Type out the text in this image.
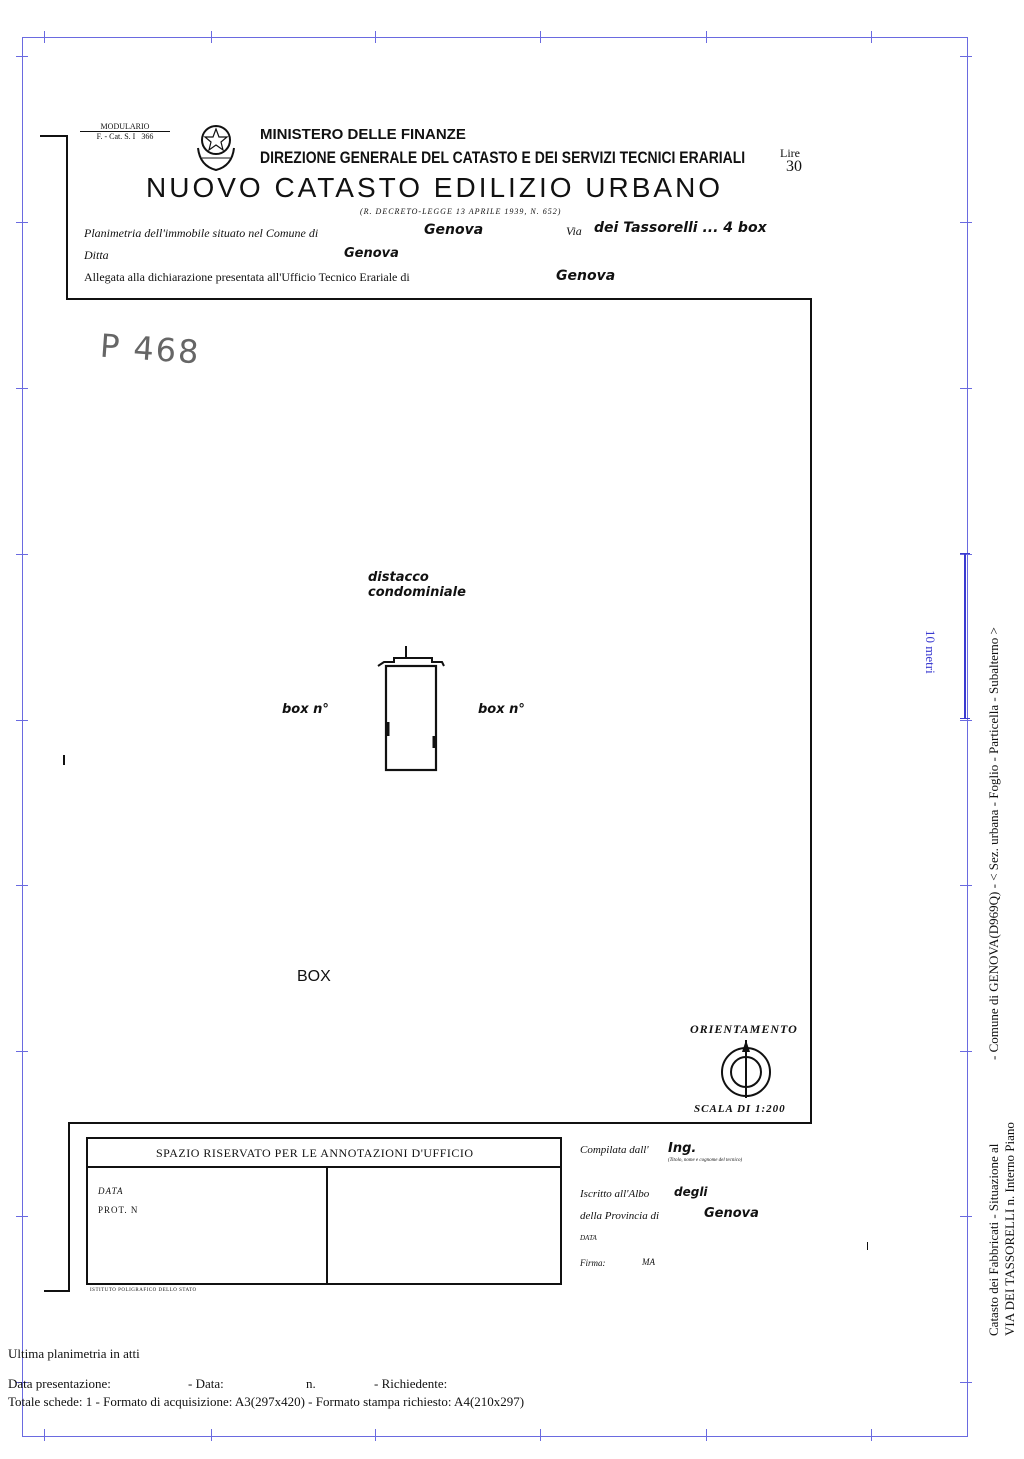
MODULARIO
F. - Cat. S. I 366	MINISTERO DELLE FINANZE
DIREZIONE GENERALE DEL CATASTO E DEI SERVIZI TECNICI ERARIALI	Lire
30
NUOVO CATASTO EDILIZIO URBANO
(R. DECRETO-LEGGE 13 APRILE 1939, N. 652)
Planimetria dell'immobile situato nel Comune di	Genova	Via dei Tassorelli ... 4 box
Ditta	Genova
Allegata alla dichiarazione presentata all'Ufficio Tecnico Erariale di	Genova
P 468
distacco
condominiale
box n°	box n°
BOX
ORIENTAMENTO
SCALA DI 1:200
SPAZIO RISERVATO PER LE ANNOTAZIONI D'UFFICIO
DATA
PROT. N
ISTITUTO POLIGRAFICO DELLO STATO
Compilata dall' Ing.
(Titolo, nome e cognome del tecnico)
Iscritto all'Albo degli
della Provincia di	Genova
DATA
Firma:	MA
Ultima planimetria in atti
Data presentazione:	- Data:	n.	- Richiedente:
Totale schede: 1 - Formato di acquisizione: A3(297x420) - Formato stampa richiesto: A4(210x297)
10 metri
Catasto dei Fabbricati - Situazione al VIA DEI TASSORELLI n. Interno Piano
- Comune di GENOVA(D969Q) - < Sez. urbana - Foglio - Particella - Subalterno >
